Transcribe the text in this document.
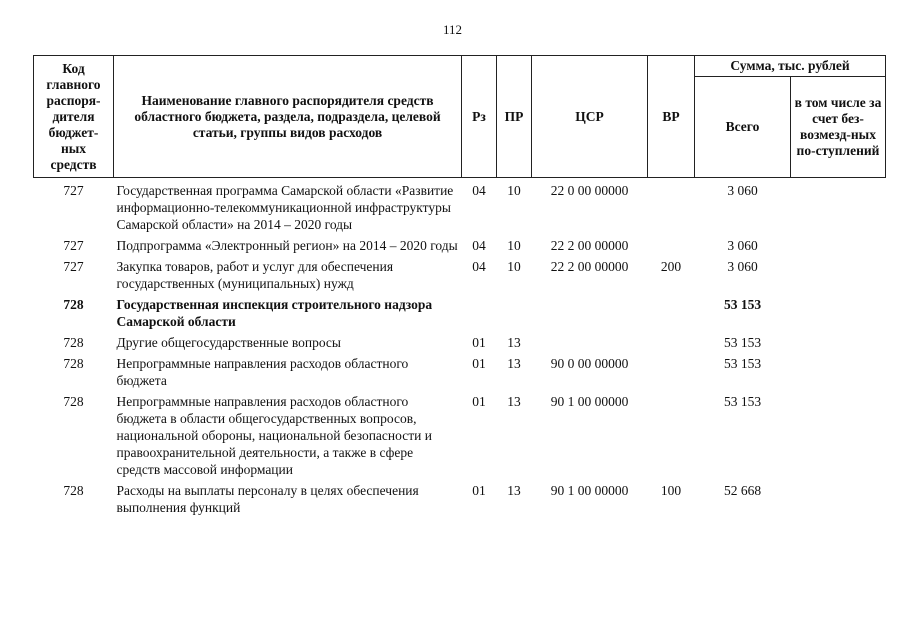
112
Код главного распоря-дителя бюджет-ных средств	Наименование главного распорядителя средств областного бюджета, раздела, подраздела, целевой статьи, группы видов расходов	Рз	ПР	ЦСР	ВР	Сумма, тыс. рублей	
						Всего	в том числе за счет без-возмезд-ных по-ступлений
727	Государственная программа Самарской области «Развитие информационно-телекоммуникационной инфраструктуры Самарской области» на 2014 – 2020 годы	04	10	22 0 00 00000		3 060	
727	Подпрограмма «Электронный регион» на 2014 – 2020 годы	04	10	22 2 00 00000		3 060	
727	Закупка товаров, работ и услуг для обеспечения государственных (муниципальных) нужд	04	10	22 2 00 00000	200	3 060	
728	Государственная инспекция строительного надзора Самарской области					53 153	
728	Другие общегосударственные вопросы	01	13			53 153	
728	Непрограммные направления расходов областного бюджета	01	13	90 0 00 00000		53 153	
728	Непрограммные направления расходов областного бюджета в области общегосударственных вопросов, национальной обороны, национальной безопасности и правоохранительной деятельности, а также в сфере средств массовой информации	01	13	90 1 00 00000		53 153	
728	Расходы на выплаты персоналу в целях обеспечения выполнения функций	01	13	90 1 00 00000	100	52 668	
